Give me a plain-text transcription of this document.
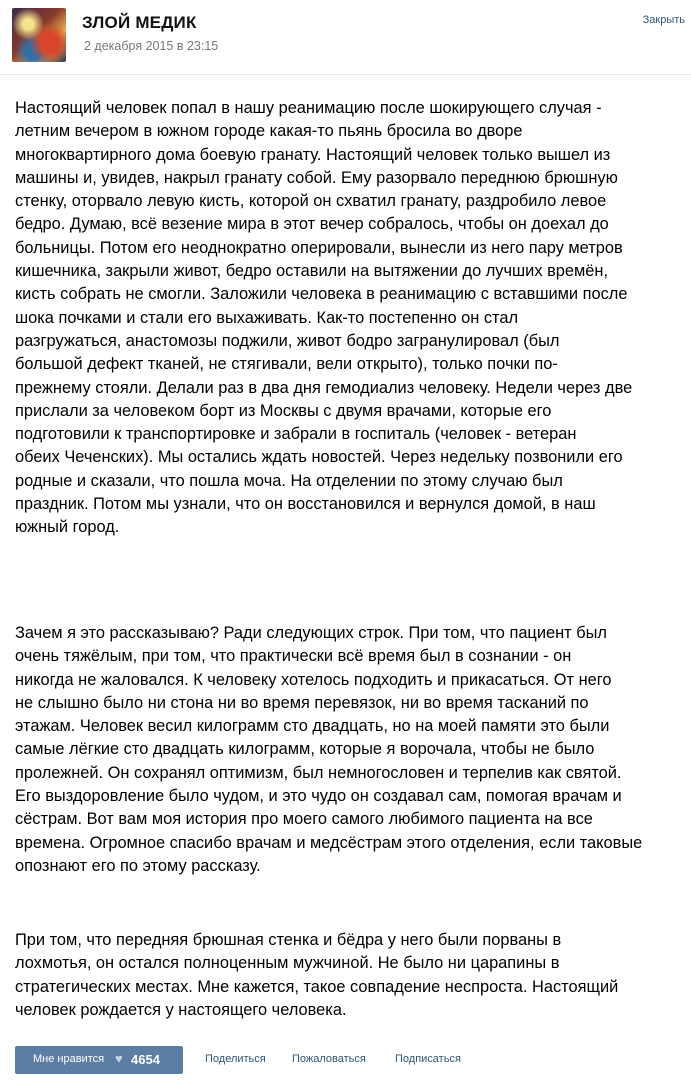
ЗЛОЙ МЕДИК
2 декабря 2015 в 23:15
Закрыть

Настоящий человек попал в нашу реанимацию после шокирующего случая -
летним вечером в южном городе какая-то пьянь бросила во дворе
многоквартирного дома боевую гранату. Настоящий человек только вышел из
машины и, увидев, накрыл гранату собой. Ему разорвало переднюю брюшную
стенку, оторвало левую кисть, которой он схватил гранату, раздробило левое
бедро. Думаю, всё везение мира в этот вечер собралось, чтобы он доехал до
больницы. Потом его неоднократно оперировали, вынесли из него пару метров
кишечника, закрыли живот, бедро оставили на вытяжении до лучших времён,
кисть собрать не смогли. Заложили человека в реанимацию с вставшими после
шока почками и стали его выхаживать. Как-то постепенно он стал
разгружаться, анастомозы поджили, живот бодро загранулировал (был
большой дефект тканей, не стягивали, вели открыто), только почки по-
прежнему стояли. Делали раз в два дня гемодиализ человеку. Недели через две
прислали за человеком борт из Москвы с двумя врачами, которые его
подготовили к транспортировке и забрали в госпиталь (человек - ветеран
обеих Чеченских). Мы остались ждать новостей. Через недельку позвонили его
родные и сказали, что пошла моча. На отделении по этому случаю был
праздник. Потом мы узнали, что он восстановился и вернулся домой, в наш
южный город.

Зачем я это рассказываю? Ради следующих строк. При том, что пациент был
очень тяжёлым, при том, что практически всё время был в сознании - он
никогда не жаловался. К человеку хотелось подходить и прикасаться. От него
не слышно было ни стона ни во время перевязок, ни во время тасканий по
этажам. Человек весил килограмм сто двадцать, но на моей памяти это были
самые лёгкие сто двадцать килограмм, которые я ворочала, чтобы не было
пролежней. Он сохранял оптимизм, был немногословен и терпелив как святой.
Его выздоровление было чудом, и это чудо он создавал сам, помогая врачам и
сёстрам. Вот вам моя история про моего самого любимого пациента на все
времена. Огромное спасибо врачам и медсёстрам этого отделения, если таковые
опознают его по этому рассказу.

При том, что передняя брюшная стенка и бёдра у него были порваны в
лохмотья, он остался полноценным мужчиной. Не было ни царапины в
стратегических местах. Мне кажется, такое совпадение неспроста. Настоящий
человек рождается у настоящего человека.

Мне нравится ♥ 4654	Поделиться Пожаловаться	Подписаться
